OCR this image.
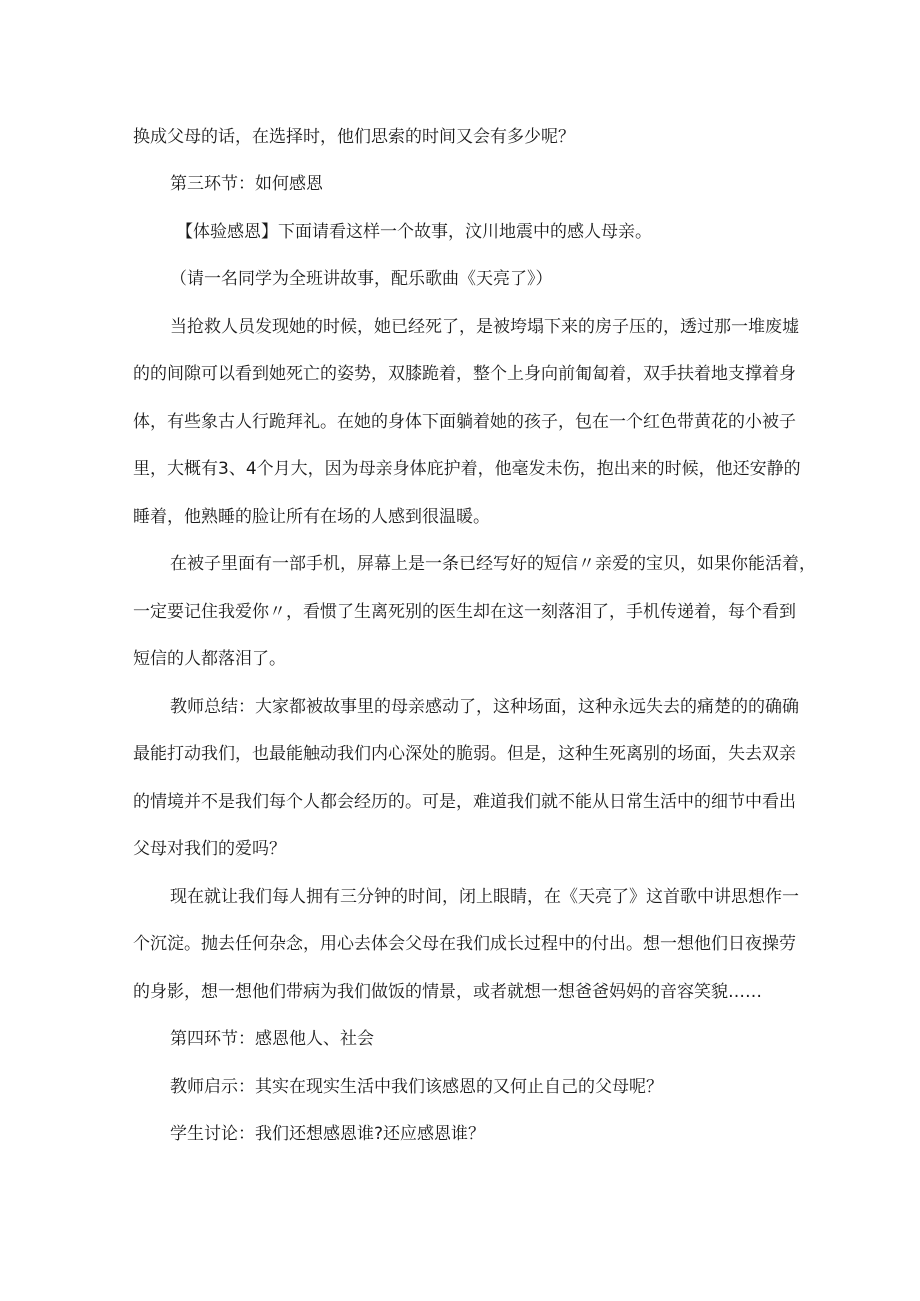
换成父母的话，在选择时，他们思索的时间又会有多少呢？
第三环节：如何感恩
【体验感恩】下面请看这样一个故事，汶川地震中的感人母亲。
（请一名同学为全班讲故事，配乐歌曲《天亮了》）
当抢救人员发现她的时候，她已经死了，是被垮塌下来的房子压的，透过那一堆废墟
的的间隙可以看到她死亡的姿势，双膝跪着，整个上身向前匍匐着，双手扶着地支撑着身
体，有些象古人行跪拜礼。在她的身体下面躺着她的孩子，包在一个红色带黄花的小被子
里，大概有3、4个月大，因为母亲身体庇护着，他毫发未伤，抱出来的时候，他还安静的
睡着，他熟睡的脸让所有在场的人感到很温暖。
在被子里面有一部手机，屏幕上是一条已经写好的短信〃亲爱的宝贝，如果你能活着，
一定要记住我爱你〃，看惯了生离死别的医生却在这一刻落泪了，手机传递着，每个看到
短信的人都落泪了。
教师总结：大家都被故事里的母亲感动了，这种场面，这种永远失去的痛楚的的确确
最能打动我们，也最能触动我们内心深处的脆弱。但是，这种生死离别的场面，失去双亲
的情境并不是我们每个人都会经历的。可是，难道我们就不能从日常生活中的细节中看出
父母对我们的爱吗？
现在就让我们每人拥有三分钟的时间，闭上眼睛，在《天亮了》这首歌中讲思想作一
个沉淀。抛去任何杂念，用心去体会父母在我们成长过程中的付出。想一想他们日夜操劳
的身影，想一想他们带病为我们做饭的情景，或者就想一想爸爸妈妈的音容笑貌……
第四环节：感恩他人、社会
教师启示：其实在现实生活中我们该感恩的又何止自己的父母呢？
学生讨论：我们还想感恩谁?还应感恩谁？
